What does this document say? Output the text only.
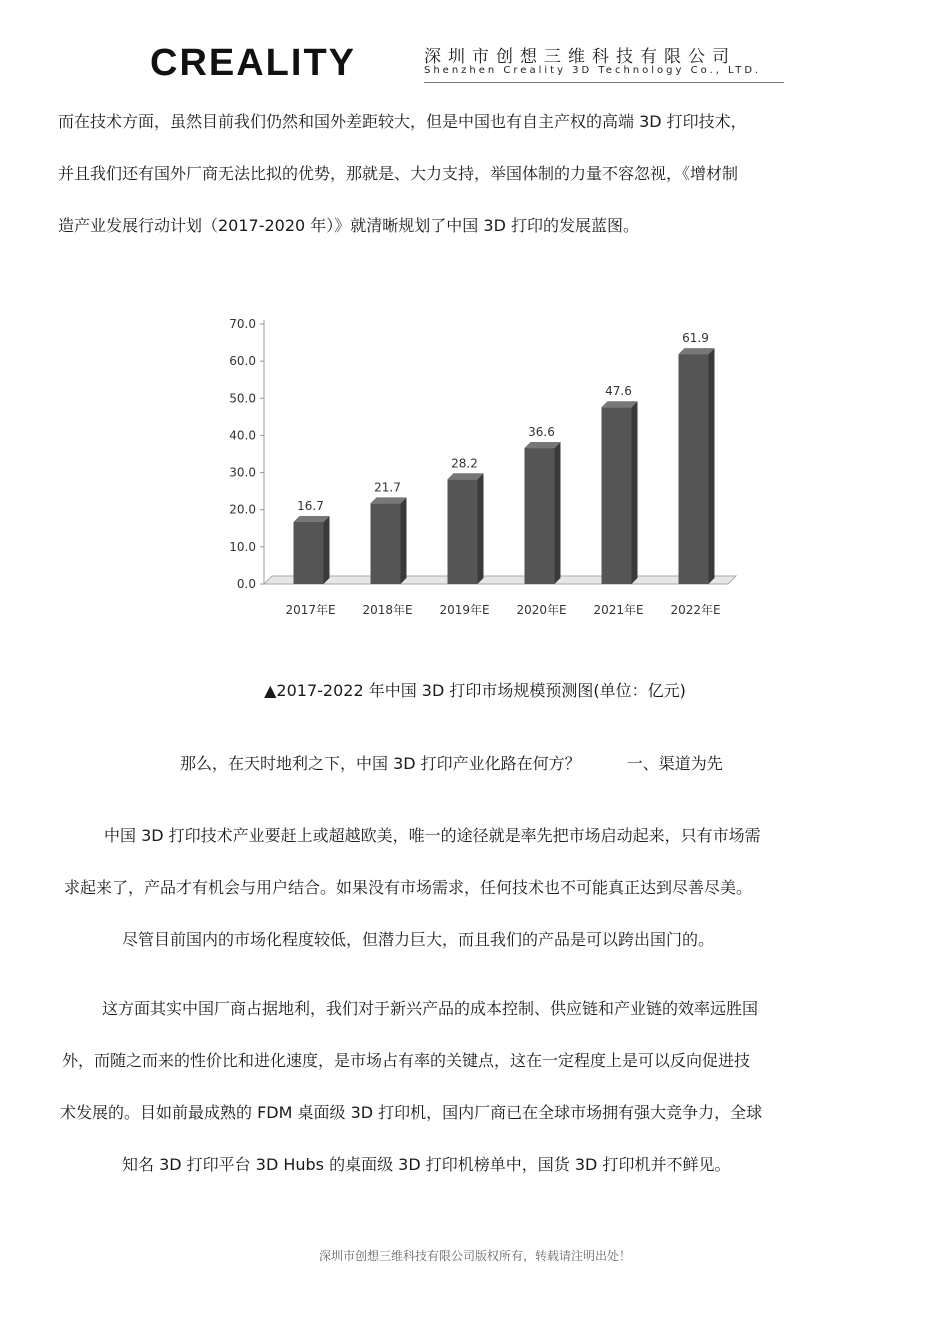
CREALITY	深圳市创想三维科技有限公司
Shenzhen Creality 3D Technology Co., LTD.
而在技术方面，虽然目前我们仍然和国外差距较大，但是中国也有自主产权的高端 3D 打印技术，
并且我们还有国外厂商无法比拟的优势，那就是、大力支持，举国体制的力量不容忽视，《增材制
造产业发展行动计划（2017-2020 年）》就清晰规划了中国 3D 打印的发展蓝图。
0.0
10.0
20.0
30.0
40.0
50.0
60.0
70.0
16.7
2017年E
21.7
2018年E
28.2
2019年E
36.6
2020年E
47.6
2021年E
61.9
2022年E
▲2017-2022 年中国 3D 打印市场规模预测图(单位：亿元)
那么，在天时地利之下，中国 3D 打印产业化路在何方？	一、渠道为先
中国 3D 打印技术产业要赶上或超越欧美，唯一的途径就是率先把市场启动起来，只有市场需
求起来了，产品才有机会与用户结合。如果没有市场需求，任何技术也不可能真正达到尽善尽美。
尽管目前国内的市场化程度较低，但潜力巨大，而且我们的产品是可以跨出国门的。
这方面其实中国厂商占据地利，我们对于新兴产品的成本控制、供应链和产业链的效率远胜国
外，而随之而来的性价比和进化速度，是市场占有率的关键点，这在一定程度上是可以反向促进技
术发展的。目如前最成熟的 FDM 桌面级 3D 打印机，国内厂商已在全球市场拥有强大竞争力，全球
知名 3D 打印平台 3D Hubs 的桌面级 3D 打印机榜单中，国货 3D 打印机并不鲜见。
深圳市创想三维科技有限公司版权所有，转载请注明出处！
